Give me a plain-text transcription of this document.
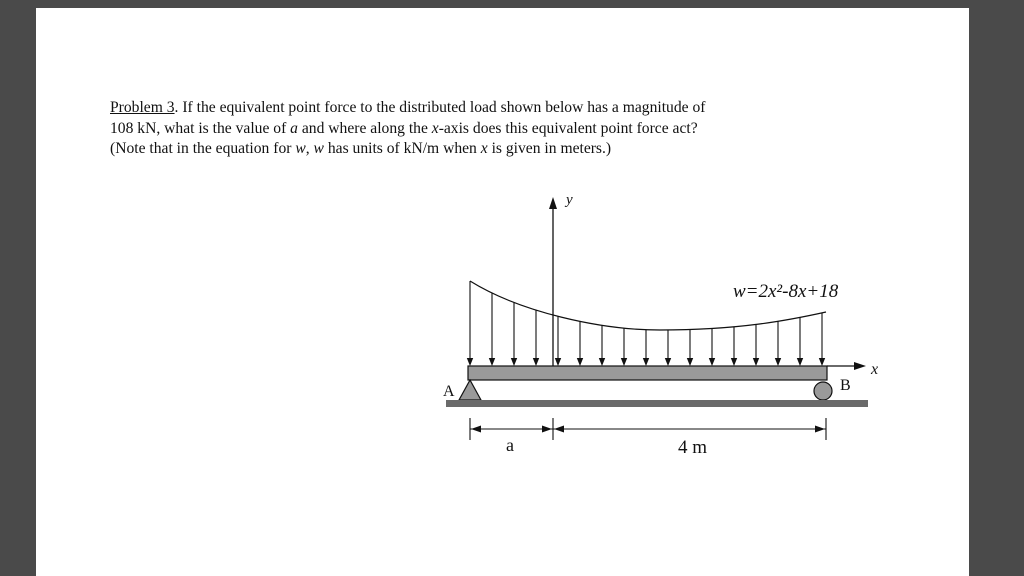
Problem 3. If the equivalent point force to the distributed load shown below has a magnitude of
108 kN, what is the value of a and where along the x-axis does this equivalent point force act?
(Note that in the equation for w, w has units of kN/m when x is given in meters.)
y
x
w=2x²-8x+18
A	B
a	4 m
